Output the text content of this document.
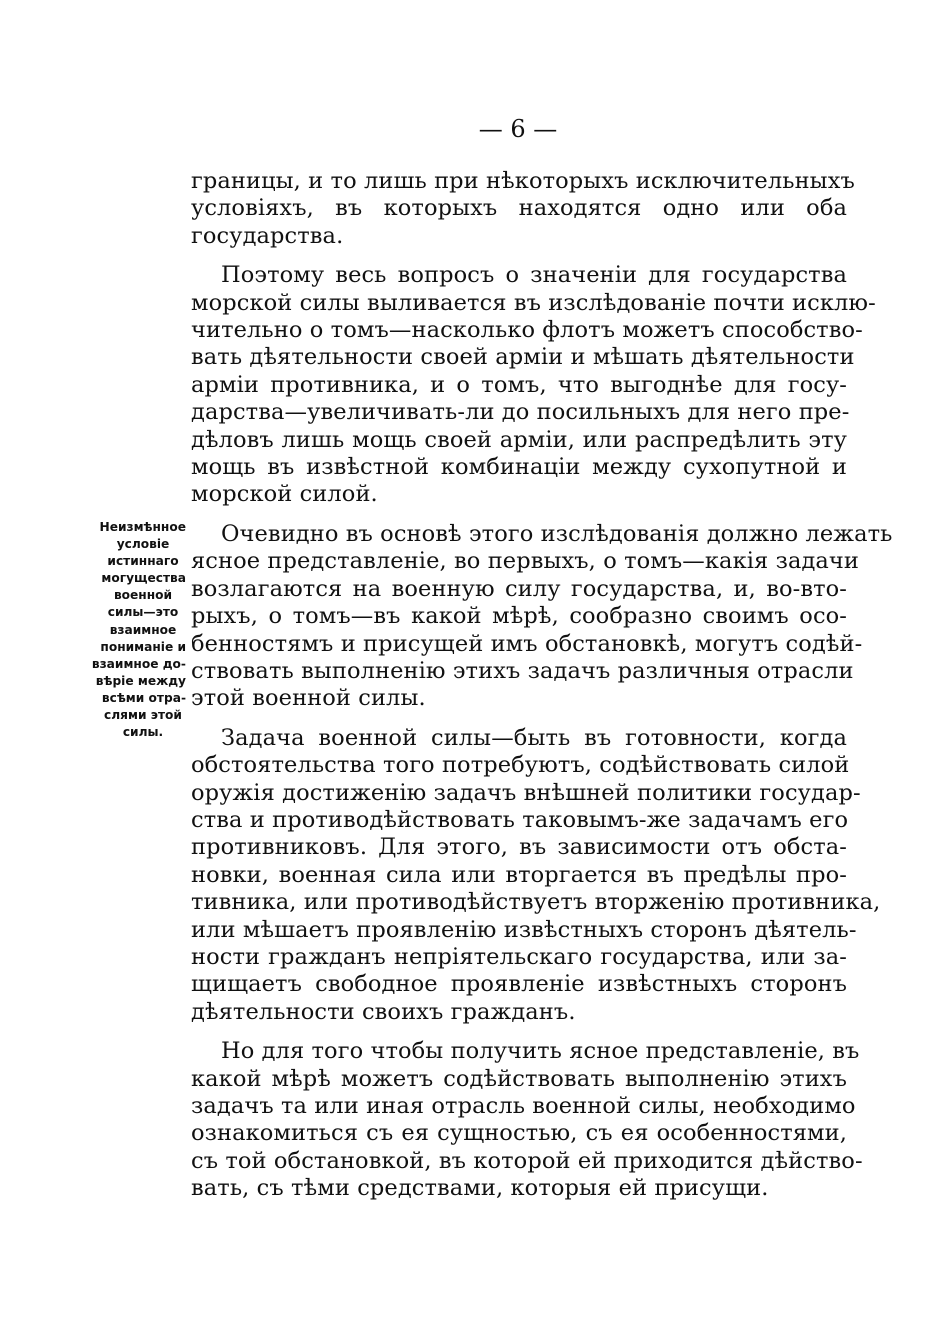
— 6 —
Неизмѣнное
условіе
истиннаго
могущества
военной
силы—это
взаимное
пониманіе и
взаимное до-
вѣріе между
всѣми отра-
слями этой
силы.
границы, и то лишь при нѣкоторыхъ исключительныхъ
условіяхъ, въ которыхъ находятся одно или оба
государства.
Поэтому весь вопросъ о значеніи для государства
морской силы выливается въ изслѣдованіе почти исклю-
чительно о томъ—насколько флотъ можетъ способство-
вать дѣятельности своей арміи и мѣшать дѣятельности
арміи противника, и о томъ, что выгоднѣе для госу-
дарства—увеличивать-ли до посильныхъ для него пре-
дѣловъ лишь мощь своей арміи, или распредѣлить эту
мощь въ извѣстной комбинаціи между сухопутной и
морской силой.
Очевидно въ основѣ этого изслѣдованія должно лежать
ясное представленіе, во первыхъ, о томъ—какія задачи
возлагаются на военную силу государства, и, во-вто-
рыхъ, о томъ—въ какой мѣрѣ, сообразно своимъ осо-
бенностямъ и присущей имъ обстановкѣ, могутъ содѣй-
ствовать выполненію этихъ задачъ различныя отрасли
этой военной силы.
Задача военной силы—быть въ готовности, когда
обстоятельства того потребуютъ, содѣйствовать силой
оружія достиженію задачъ внѣшней политики государ-
ства и противодѣйствовать таковымъ-же задачамъ его
противниковъ. Для этого, въ зависимости отъ обста-
новки, военная сила или вторгается въ предѣлы про-
тивника, или противодѣйствуетъ вторженію противника,
или мѣшаетъ проявленію извѣстныхъ сторонъ дѣятель-
ности гражданъ непріятельскаго государства, или за-
щищаетъ свободное проявленіе извѣстныхъ сторонъ
дѣятельности своихъ гражданъ.
Но для того чтобы получить ясное представленіе, въ
какой мѣрѣ можетъ содѣйствовать выполненію этихъ
задачъ та или иная отрасль военной силы, необходимо
ознакомиться съ ея сущностью, съ ея особенностями,
съ той обстановкой, въ которой ей приходится дѣйство-
вать, съ тѣми средствами, которыя ей присущи.
